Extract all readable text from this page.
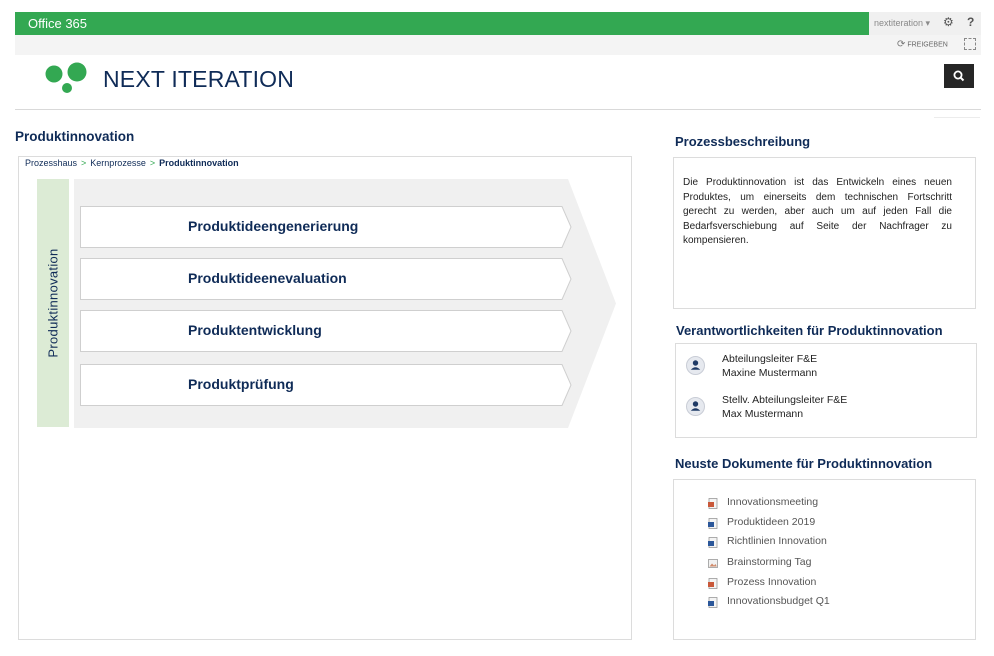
Office 365	nextiteration ▾ ⚙ ?
⟳ FREIGEBEN
NEXT ITERATION
Produktinnovation
Prozesshaus > Kernprozesse > Produktinnovation
Produktinnovation
Produktideengenerierung
Produktideenevaluation
Produktentwicklung
Produktprüfung
Prozessbeschreibung
Die Produktinnovation ist das Entwickeln eines neuen Produktes, um einerseits dem technischen Fortschritt gerecht zu werden, aber auch um auf jeden Fall die Bedarfsverschiebung auf Seite der Nachfrager zu kompensieren.
Verantwortlichkeiten für Produktinnovation
Abteilungsleiter F&E
Maxine Mustermann
Stellv. Abteilungsleiter F&E
Max Mustermann
Neuste Dokumente für Produktinnovation
Innovationsmeeting
Produktideen 2019
Richtlinien Innovation
Brainstorming Tag
Prozess Innovation
Innovationsbudget Q1
